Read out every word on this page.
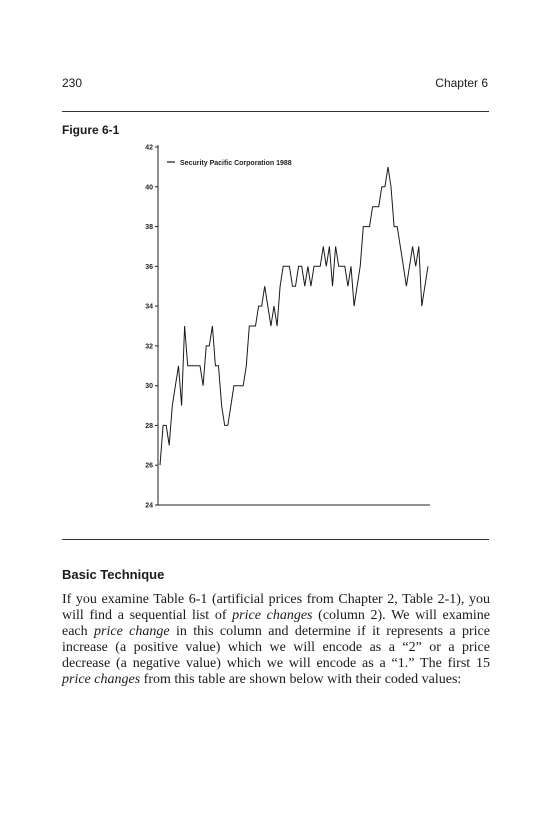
230	Chapter 6
Figure 6-1
24
26
28
30
32
34
36
38
40
42
Security Pacific Corporation 1988
Basic Technique

If you examine Table 6-1 (artificial prices from Chapter 2, Table 2-1), you will find a sequential list of price changes (column 2). We will examine each price change in this column and determine if it represents a price increase (a positive value) which we will encode as a “2” or a price decrease (a negative value) which we will encode as a “1.” The first 15 price changes from this table are shown below with their coded values:
